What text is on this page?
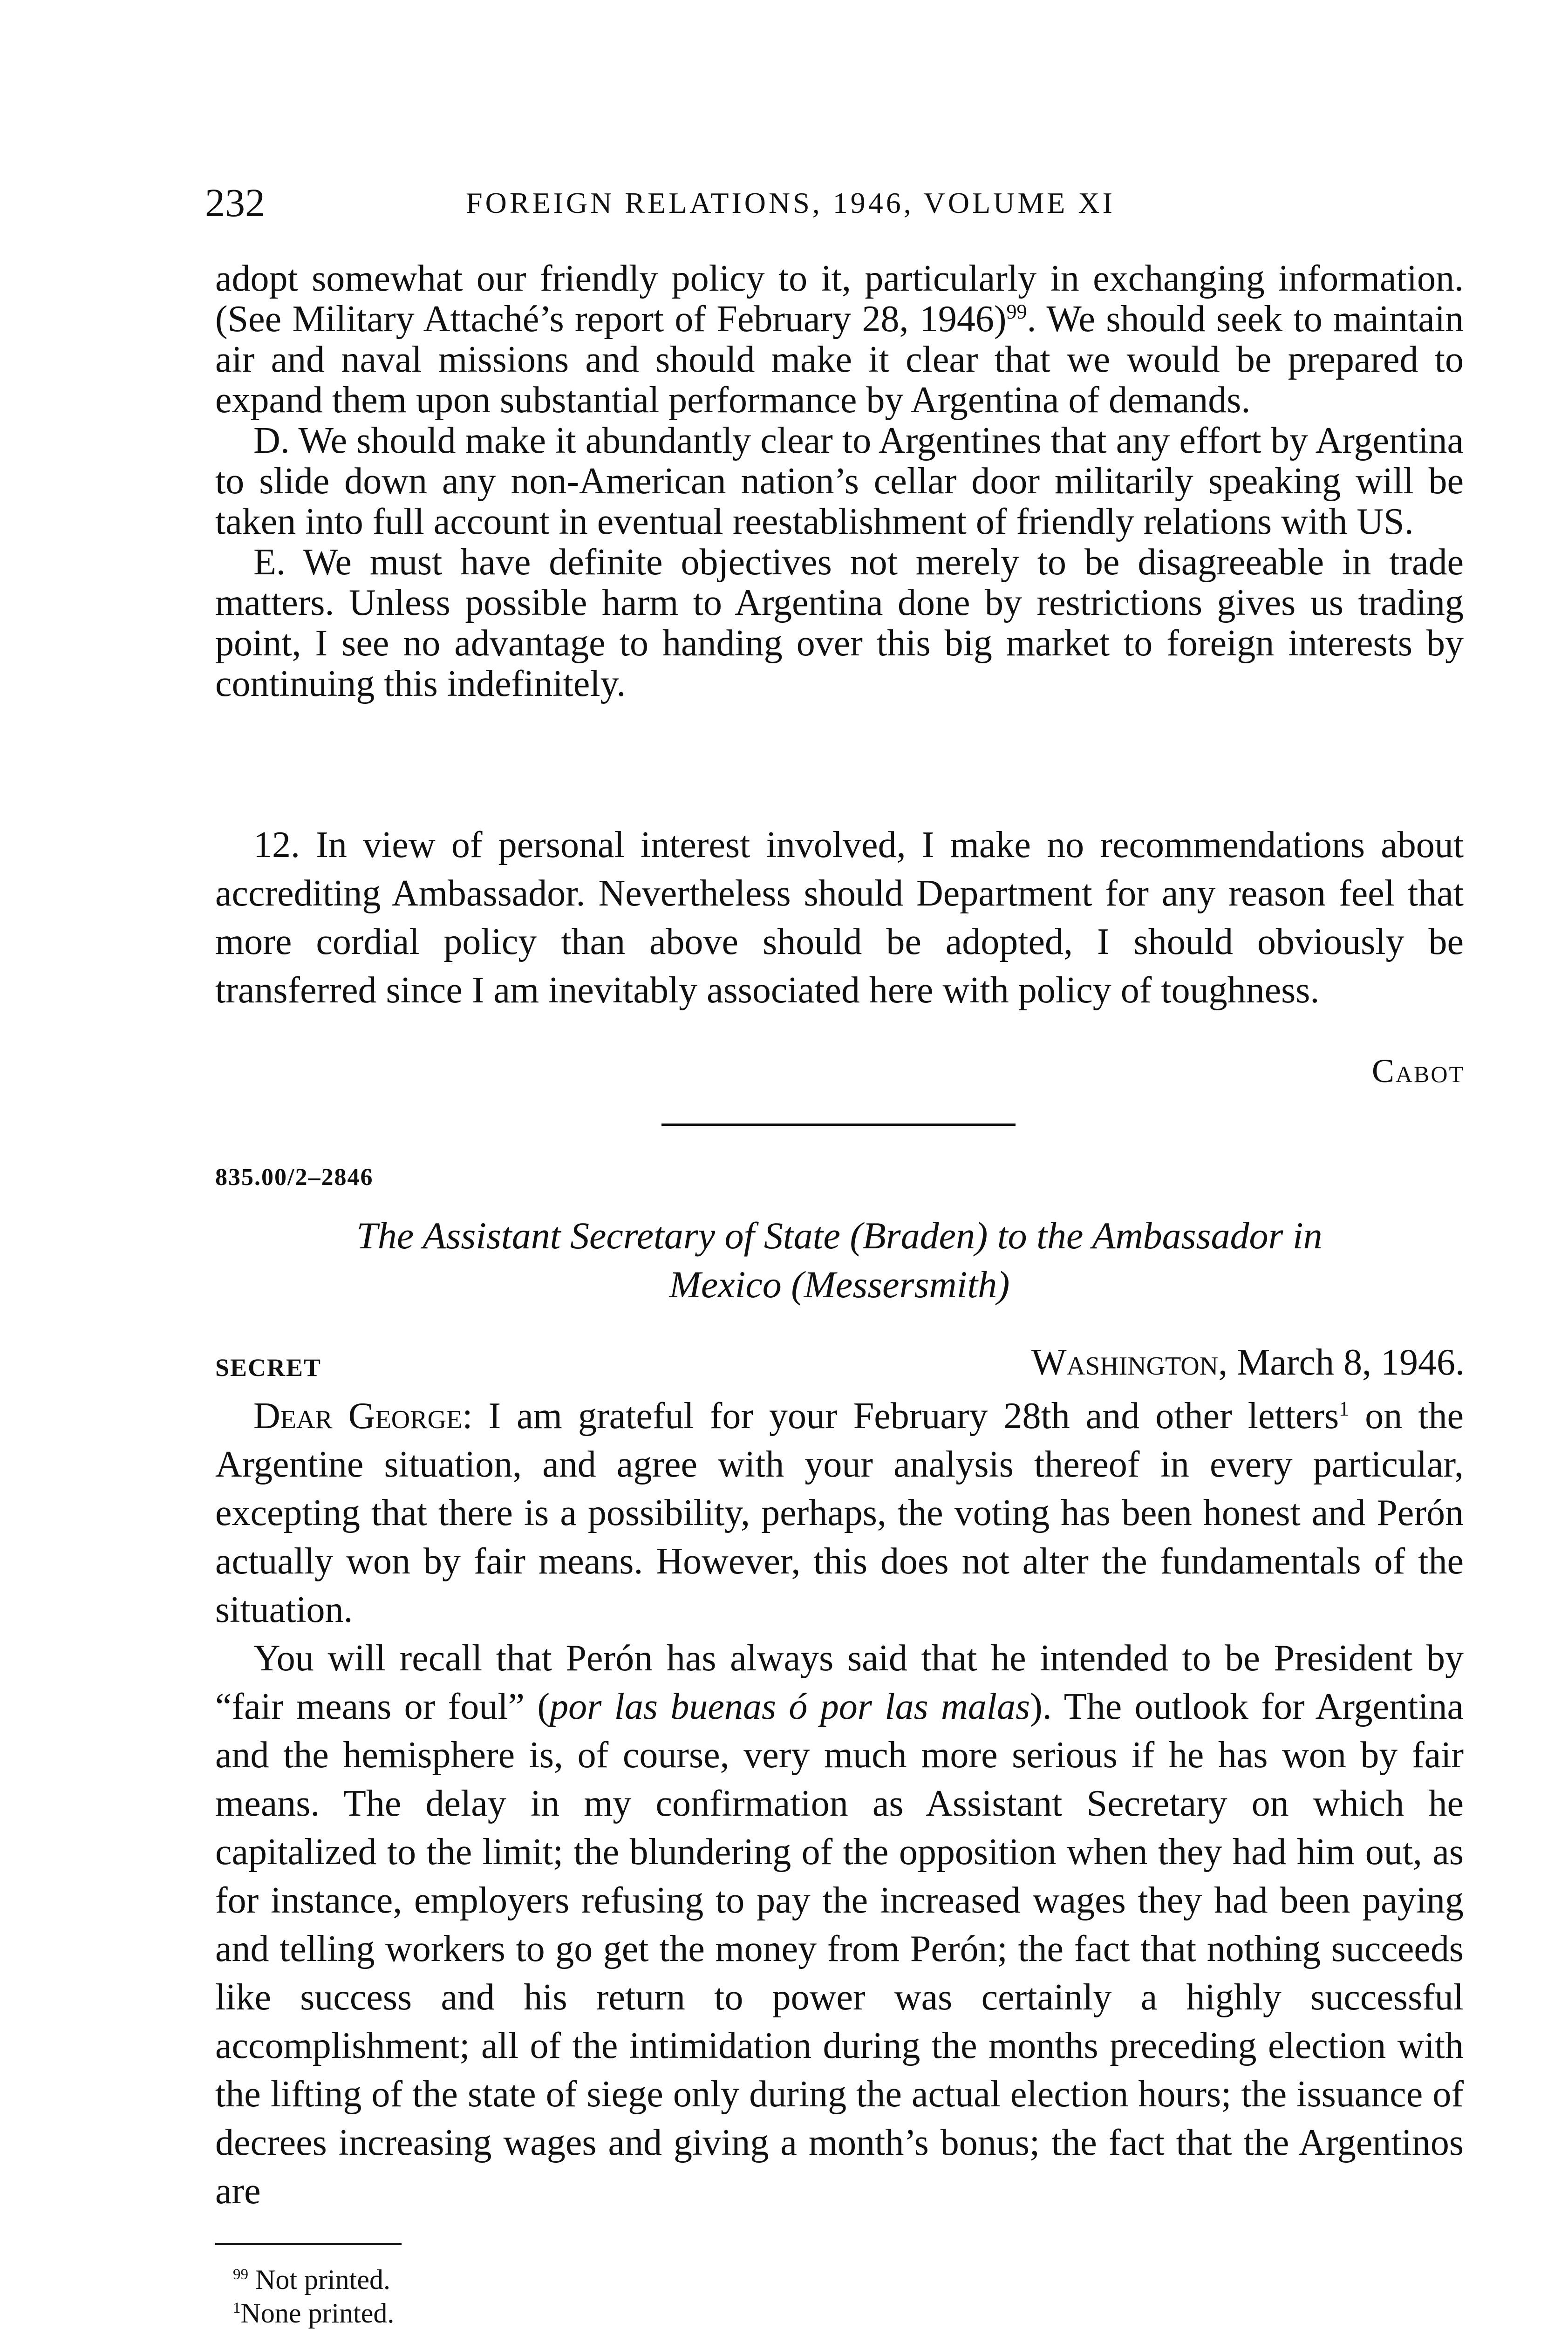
232	FOREIGN RELATIONS, 1946, VOLUME XI

adopt somewhat our friendly policy to it, particularly in exchanging information. (See Military Attaché’s report of February 28, 1946)$^{99}$. We should seek to maintain air and naval missions and should make it clear that we would be prepared to expand them upon substantial performance by Argentina of demands.

D. We should make it abundantly clear to Argentines that any effort by Argentina to slide down any non-American nation’s cellar door militarily speaking will be taken into full account in eventual reestablishment of friendly relations with US.

E. We must have definite objectives not merely to be disagreeable in trade matters. Unless possible harm to Argentina done by restrictions gives us trading point, I see no advantage to handing over this big market to foreign interests by continuing this indefinitely.

12. In view of personal interest involved, I make no recommendations about accrediting Ambassador. Nevertheless should Department for any reason feel that more cordial policy than above should be adopted, I should obviously be transferred since I am inevitably associated here with policy of toughness.

Cabot
835.00/2–2846

The Assistant Secretary of State (Braden) to the Ambassador in

Mexico (Messersmith)

SECRET	Washington, March 8, 1946.

Dear George: I am grateful for your February 28th and other letters$^1$ on the Argentine situation, and agree with your analysis thereof in every particular, excepting that there is a possibility, perhaps, the voting has been honest and Perón actually won by fair means. However, this does not alter the fundamentals of the situation.

You will recall that Perón has always said that he intended to be President by “fair means or foul” (por las buenas ó por las malas). The outlook for Argentina and the hemisphere is, of course, very much more serious if he has won by fair means. The delay in my confirmation as Assistant Secretary on which he capitalized to the limit; the blundering of the opposition when they had him out, as for instance, employers refusing to pay the increased wages they had been paying and telling workers to go get the money from Perón; the fact that nothing succeeds like success and his return to power was certainly a highly successful accomplishment; all of the intimidation during the months preceding election with the lifting of the state of siege only during the actual election hours; the issuance of decrees increasing wages and giving a month’s bonus; the fact that the Argentinos are

$^{99}$ Not printed.

$^1$None printed.
